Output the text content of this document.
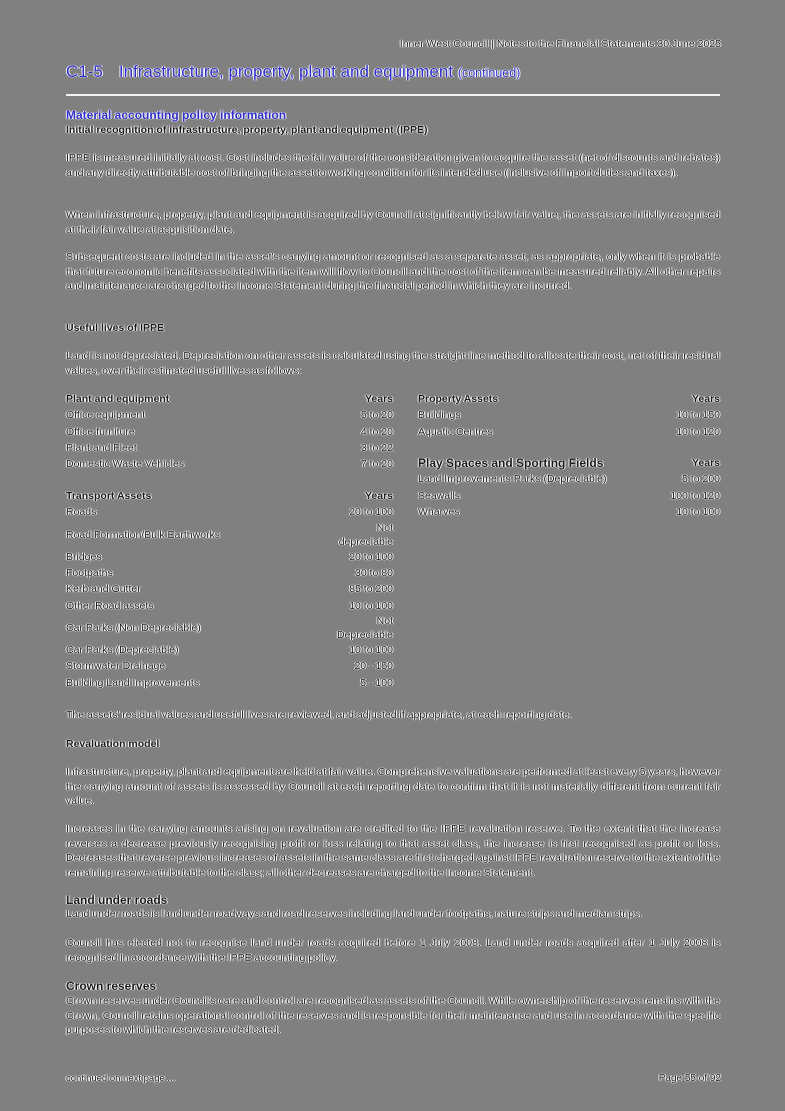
Inner West Council | Notes to the Financial Statements 30 June 2025
C1-5 Infrastructure, property, plant and equipment (continued)
Material accounting policy information
Initial recognition of infrastructure, property, plant and equipment (IPPE)
IPPE is measured initially at cost. Cost includes the fair value of the consideration given to acquire the asset (net of discounts and rebates) and any directly attributable cost of bringing the asset to working condition for its intended use (inclusive of import duties and taxes).
When infrastructure, property, plant and equipment is acquired by Council at significantly below fair value, the assets are initially recognised at their fair value at acquisition date.
Subsequent costs are included in the asset's carrying amount or recognised as a separate asset, as appropriate, only when it is probable that future economic benefits associated with the item will flow to Council and the cost of the item can be measured reliably. All other repairs and maintenance are charged to the Income Statement during the financial period in which they are incurred.
Useful lives of IPPE
Land is not depreciated. Depreciation on other assets is calculated using the straight-line method to allocate their cost, net of their residual values, over their estimated useful lives as follows:
Plant and equipment	Years
Office equipment	5 to 20
Office furniture	4 to 20
Plant and Fleet	3 to 22
Domestic Waste Vehicles	7 to 20
Transport Assets	Years
Roads	20 to 100
Road Formation/Bulk Earthworks	Not depreciable
Bridges	20 to 100
Footpaths	30 to 80
Kerb and Gutter	85 to 200
Other Road assets	10 to 100
Car Parks (Non Depreciable)	Not Depreciable
Car Parks (Depreciable)	10 to 100
Stormwater Drainage	20 - 150
Building Land Improvements	5 - 100
Property Assets	Years
Buildings	10 to 150
Aquatic Centres	10 to 120
Play Spaces and Sporting Fields	Years
Land Improvements Parks (Depreciable)	5 to 200
Seawalls	100 to 120
Wharves	10 to 100
The assets' residual values and useful lives are reviewed, and adjusted if appropriate, at each reporting date.
Revaluation model
Infrastructure, property, plant and equipment are held at fair value. Comprehensive valuations are performed at least every 5 years, however the carrying amount of assets is assessed by Council at each reporting date to confirm that it is not materially different from current fair value.
Increases in the carrying amounts arising on revaluation are credited to the IPPE revaluation reserve. To the extent that the increase reverses a decrease previously recognising profit or loss relating to that asset class, the increase is first recognised as profit or loss. Decreases that reverse previous increases of assets in the same class are first charged against IPPE revaluation reserve to the extent of the remaining reserve attributable to the class; all other decreases are charged to the Income Statement.
Land under roads
Land under roads is land under roadways and road reserves including land under footpaths, nature strips and median strips.
Council has elected not to recognise land under roads acquired before 1 July 2008. Land under roads acquired after 1 July 2008 is recognised in accordance with the IPPE accounting policy.
Crown reserves
Crown reserves under Council's care and control are recognised as assets of the Council. While ownership of the reserves remains with the Crown, Council retains operational control of the reserves and is responsible for their maintenance and use in accordance with the specific purposes to which the reserves are dedicated.
continued on next page ...	Page 55 of 92
